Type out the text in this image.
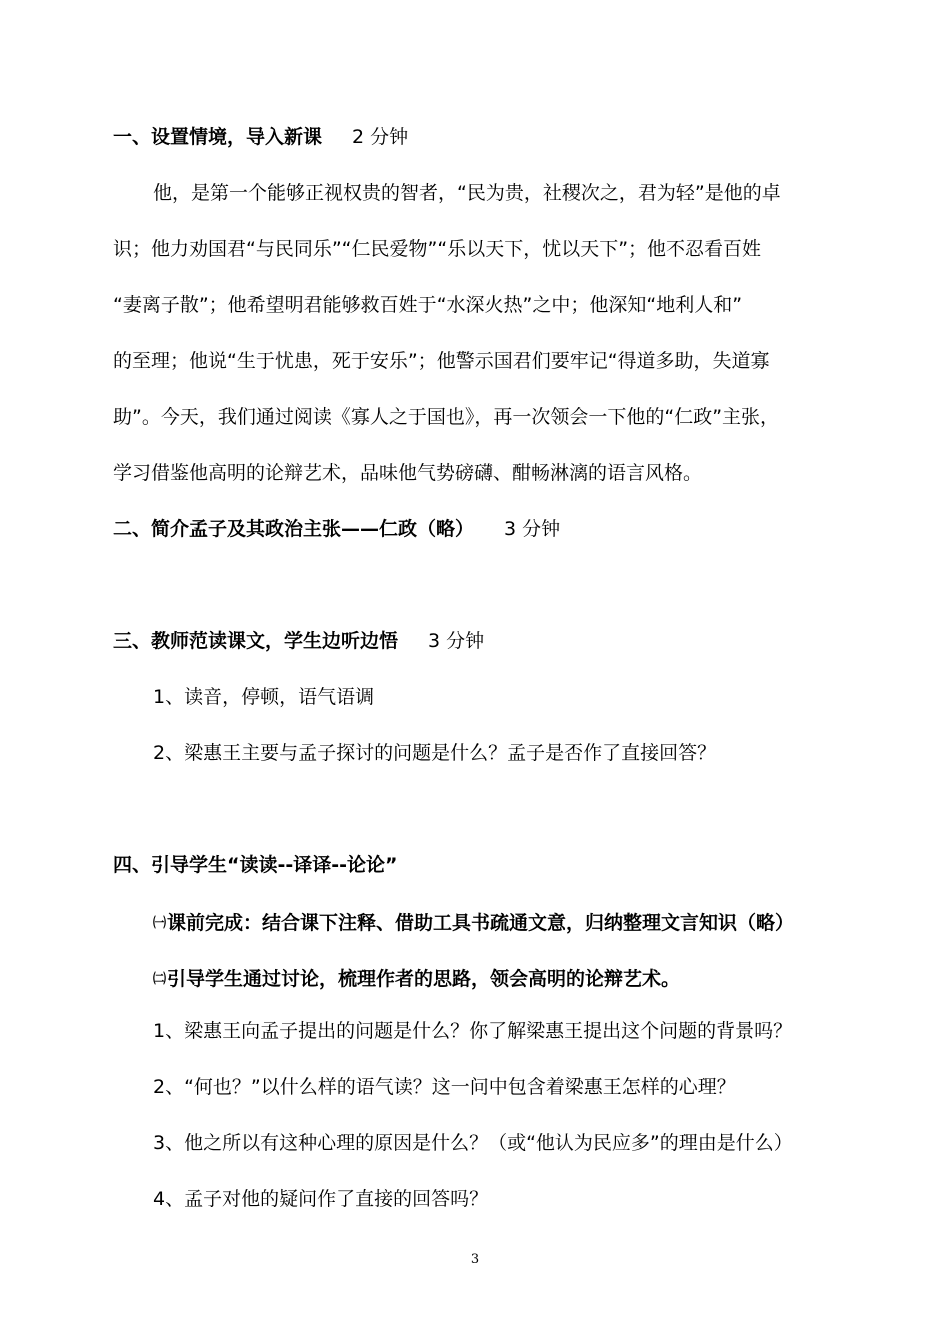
一、设置情境，导入新课 2 分钟
他，是第一个能够正视权贵的智者，“民为贵，社稷次之，君为轻”是他的卓
识；他力劝国君“与民同乐”“仁民爱物”“乐以天下，忧以天下”；他不忍看百姓
“妻离子散”；他希望明君能够救百姓于“水深火热”之中；他深知“地利人和”
的至理；他说“生于忧患，死于安乐”；他警示国君们要牢记“得道多助，失道寡
助”。今天，我们通过阅读《寡人之于国也》，再一次领会一下他的“仁政”主张，
学习借鉴他高明的论辩艺术，品味他气势磅礴、酣畅淋漓的语言风格。
二、简介孟子及其政治主张——仁政（略） 3 分钟
三、教师范读课文，学生边听边悟 3 分钟
1、读音，停顿，语气语调
2、梁惠王主要与孟子探讨的问题是什么？孟子是否作了直接回答？
四、引导学生“读读--译译--论论”
㈠课前完成：结合课下注释、借助工具书疏通文意，归纳整理文言知识（略）
㈡引导学生通过讨论，梳理作者的思路，领会高明的论辩艺术。
1、梁惠王向孟子提出的问题是什么？你了解梁惠王提出这个问题的背景吗？
2、“何也？”以什么样的语气读？这一问中包含着梁惠王怎样的心理？
3、他之所以有这种心理的原因是什么？（或“他认为民应多”的理由是什么）
4、孟子对他的疑问作了直接的回答吗？
3
